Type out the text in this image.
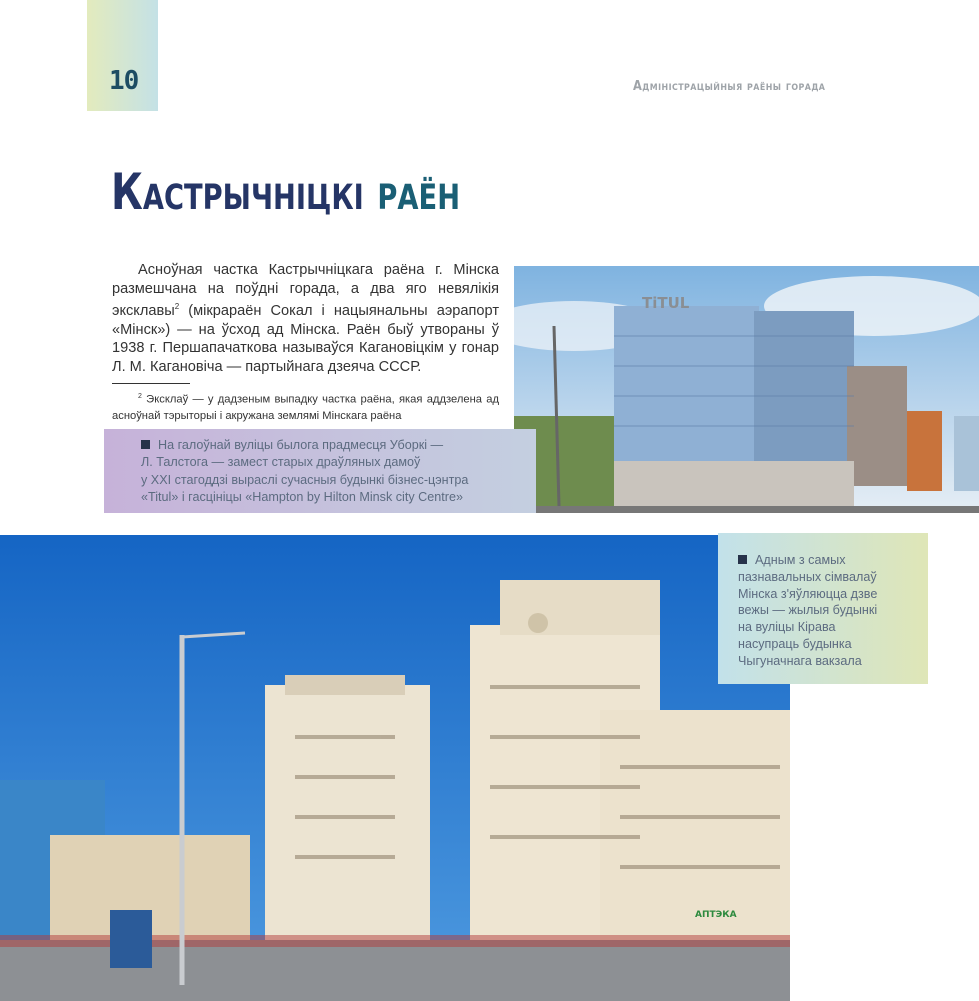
10	Адміністрацыйныя раёны горада
Кастрычніцкі раён
Асноўная частка Кастрычніцкага раёна г. Мінска размешчана на поўдні горада, а два яго невялікія эксклавы$^2$ (мікрараён Сокал і нацыянальны аэрапорт «Мінск») — на ўсход ад Мінска. Раён быў утвораны ў 1938 г. Першапачаткова называўся Кагановіцкім у гонар Л. М. Кагановіча — партыйнага дзеяча СССР.
$^2$ Эксклаў — у дадзеным выпадку частка раёна, якая аддзелена ад асноўнай тэрыторыі і акружана землямі Мінскага раёна
TiTUL
На галоўнай вуліцы былога прадмесця Уборкі —
Л. Талстога — замест старых драўляных дамоў
у XXI стагоддзі выраслі сучасныя будынкі бізнес-цэнтра
«Titul» і гасцініцы «Hampton by Hilton Minsk city Centre»
АПТЭКА
Адным з самых
пазнавальных сімвалаў
Мінска з'яўляюцца дзве
вежы — жылыя будынкі
на вуліцы Кірава
насупраць будынка
Чыгуначнага вакзала
